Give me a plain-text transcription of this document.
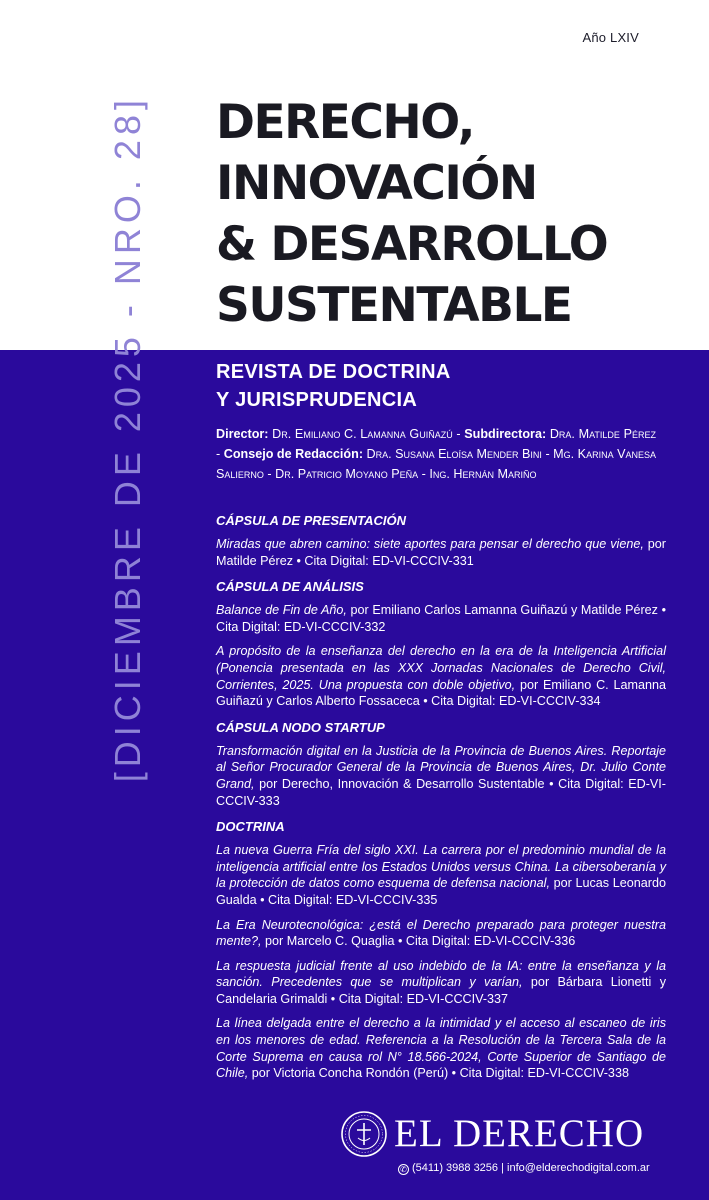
Año LXIV
[DICIEMBRE DE 2025 - NRO. 28] DERECHO,
INNOVACIÓN
& DESARROLLO
SUSTENTABLE
REVISTA DE DOCTRINA
Y JURISPRUDENCIA
Director: Dr. Emiliano C. Lamanna Guiñazú - Subdirectora: Dra. Matilde Pérez - Consejo de Redacción: Dra. Susana Eloísa Mender Bini - Mg. Karina Vanesa Salierno - Dr. Patricio Moyano Peña - Ing. Hernán Mariño
CÁPSULA DE PRESENTACIÓN
Miradas que abren camino: siete aportes para pensar el derecho que viene, por Matilde Pérez • Cita Digital: ED-VI-CCCIV-331
CÁPSULA DE ANÁLISIS
Balance de Fin de Año, por Emiliano Carlos Lamanna Guiñazú y Matilde Pérez • Cita Digital: ED-VI-CCCIV-332
A propósito de la enseñanza del derecho en la era de la Inteligencia Artificial (Ponencia presentada en las XXX Jornadas Nacionales de Derecho Civil, Corrientes, 2025. Una propuesta con doble objetivo, por Emiliano C. Lamanna Guiñazú y Carlos Alberto Fossaceca • Cita Digital: ED-VI-CCCIV-334
CÁPSULA NODO STARTUP
Transformación digital en la Justicia de la Provincia de Buenos Aires. Reportaje al Señor Procurador General de la Provincia de Buenos Aires, Dr. Julio Conte Grand, por Derecho, Innovación & Desarrollo Sustentable • Cita Digital: ED-VI-CCCIV-333
DOCTRINA
La nueva Guerra Fría del siglo XXI. La carrera por el predominio mundial de la inteligencia artificial entre los Estados Unidos versus China. La cibersoberanía y la protección de datos como esquema de defensa nacional, por Lucas Leonardo Gualda • Cita Digital: ED-VI-CCCIV-335
La Era Neurotecnológica: ¿está el Derecho preparado para proteger nuestra mente?, por Marcelo C. Quaglia • Cita Digital: ED-VI-CCCIV-336
La respuesta judicial frente al uso indebido de la IA: entre la enseñanza y la sanción. Precedentes que se multiplican y varían, por Bárbara Lionetti y Candelaria Grimaldi • Cita Digital: ED-VI-CCCIV-337
La línea delgada entre el derecho a la intimidad y el acceso al escaneo de iris en los menores de edad. Referencia a la Resolución de la Tercera Sala de la Corte Suprema en causa rol N° 18.566-2024, Corte Superior de Santiago de Chile, por Victoria Concha Rondón (Perú) • Cita Digital: ED-VI-CCCIV-338
EL DERECHO
✆ (5411) 3988 3256 | info@elderechodigital.com.ar
